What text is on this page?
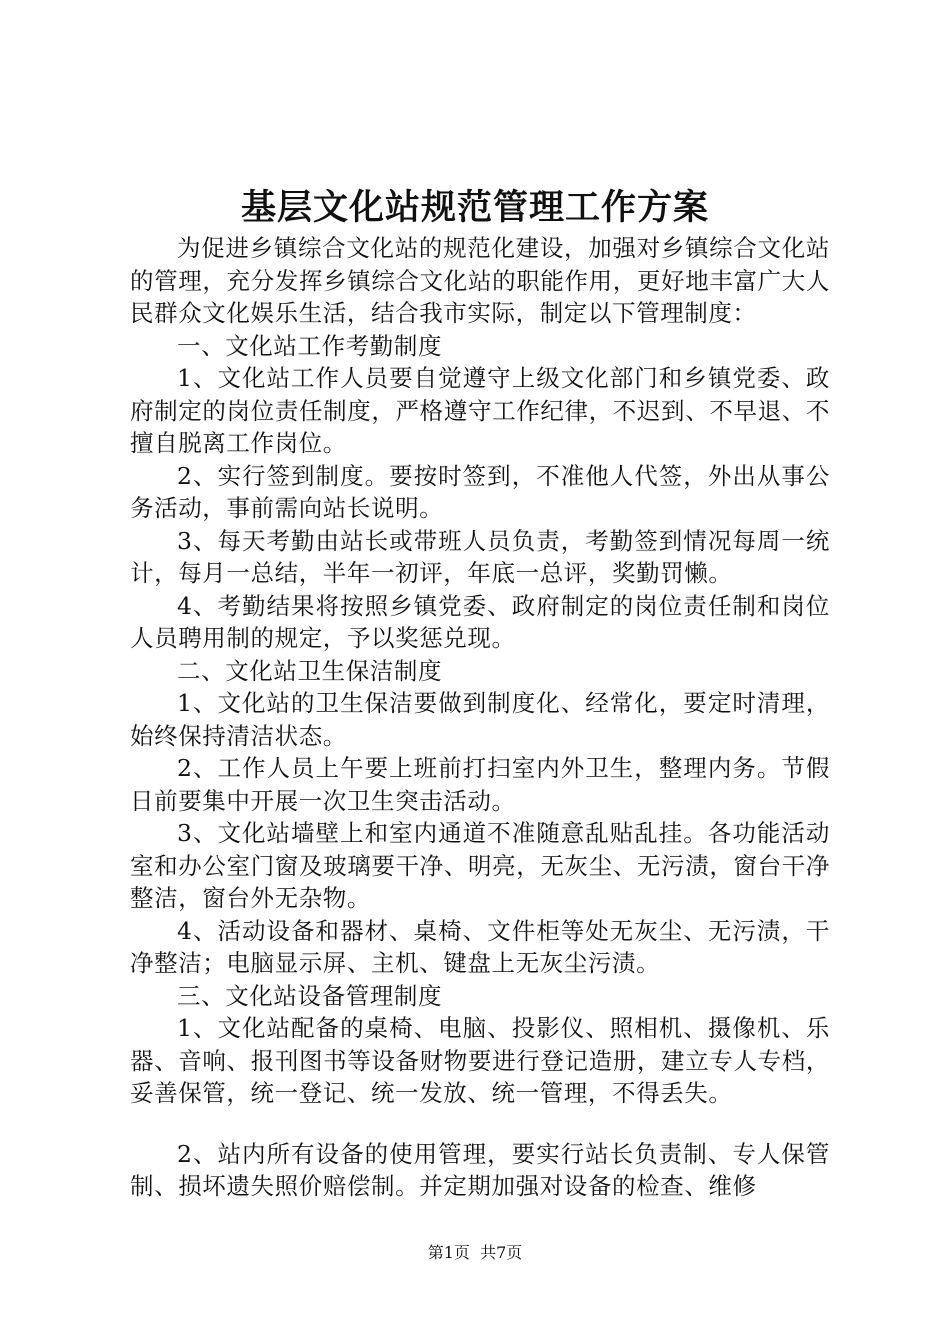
基层文化站规范管理工作方案

为促进乡镇综合文化站的规范化建设，加强对乡镇综合文化站的管理，充分发挥乡镇综合文化站的职能作用，更好地丰富广大人民群众文化娱乐生活，结合我市实际，制定以下管理制度：

一、文化站工作考勤制度

1、文化站工作人员要自觉遵守上级文化部门和乡镇党委、政府制定的岗位责任制度，严格遵守工作纪律，不迟到、不早退、不擅自脱离工作岗位。

2、实行签到制度。要按时签到，不准他人代签，外出从事公务活动，事前需向站长说明。

3、每天考勤由站长或带班人员负责，考勤签到情况每周一统计，每月一总结，半年一初评，年底一总评，奖勤罚懒。

4、考勤结果将按照乡镇党委、政府制定的岗位责任制和岗位人员聘用制的规定，予以奖惩兑现。

二、文化站卫生保洁制度

1、文化站的卫生保洁要做到制度化、经常化，要定时清理，始终保持清洁状态。

2、工作人员上午要上班前打扫室内外卫生，整理内务。节假日前要集中开展一次卫生突击活动。

3、文化站墙壁上和室内通道不准随意乱贴乱挂。各功能活动室和办公室门窗及玻璃要干净、明亮，无灰尘、无污渍，窗台干净整洁，窗台外无杂物。

4、活动设备和器材、桌椅、文件柜等处无灰尘、无污渍，干净整洁；电脑显示屏、主机、键盘上无灰尘污渍。

三、文化站设备管理制度

1、文化站配备的桌椅、电脑、投影仪、照相机、摄像机、乐器、音响、报刊图书等设备财物要进行登记造册，建立专人专档，妥善保管，统一登记、统一发放、统一管理，不得丢失。

2、站内所有设备的使用管理，要实行站长负责制、专人保管制、损坏遗失照价赔偿制。并定期加强对设备的检查、维修

第1页 共7页
